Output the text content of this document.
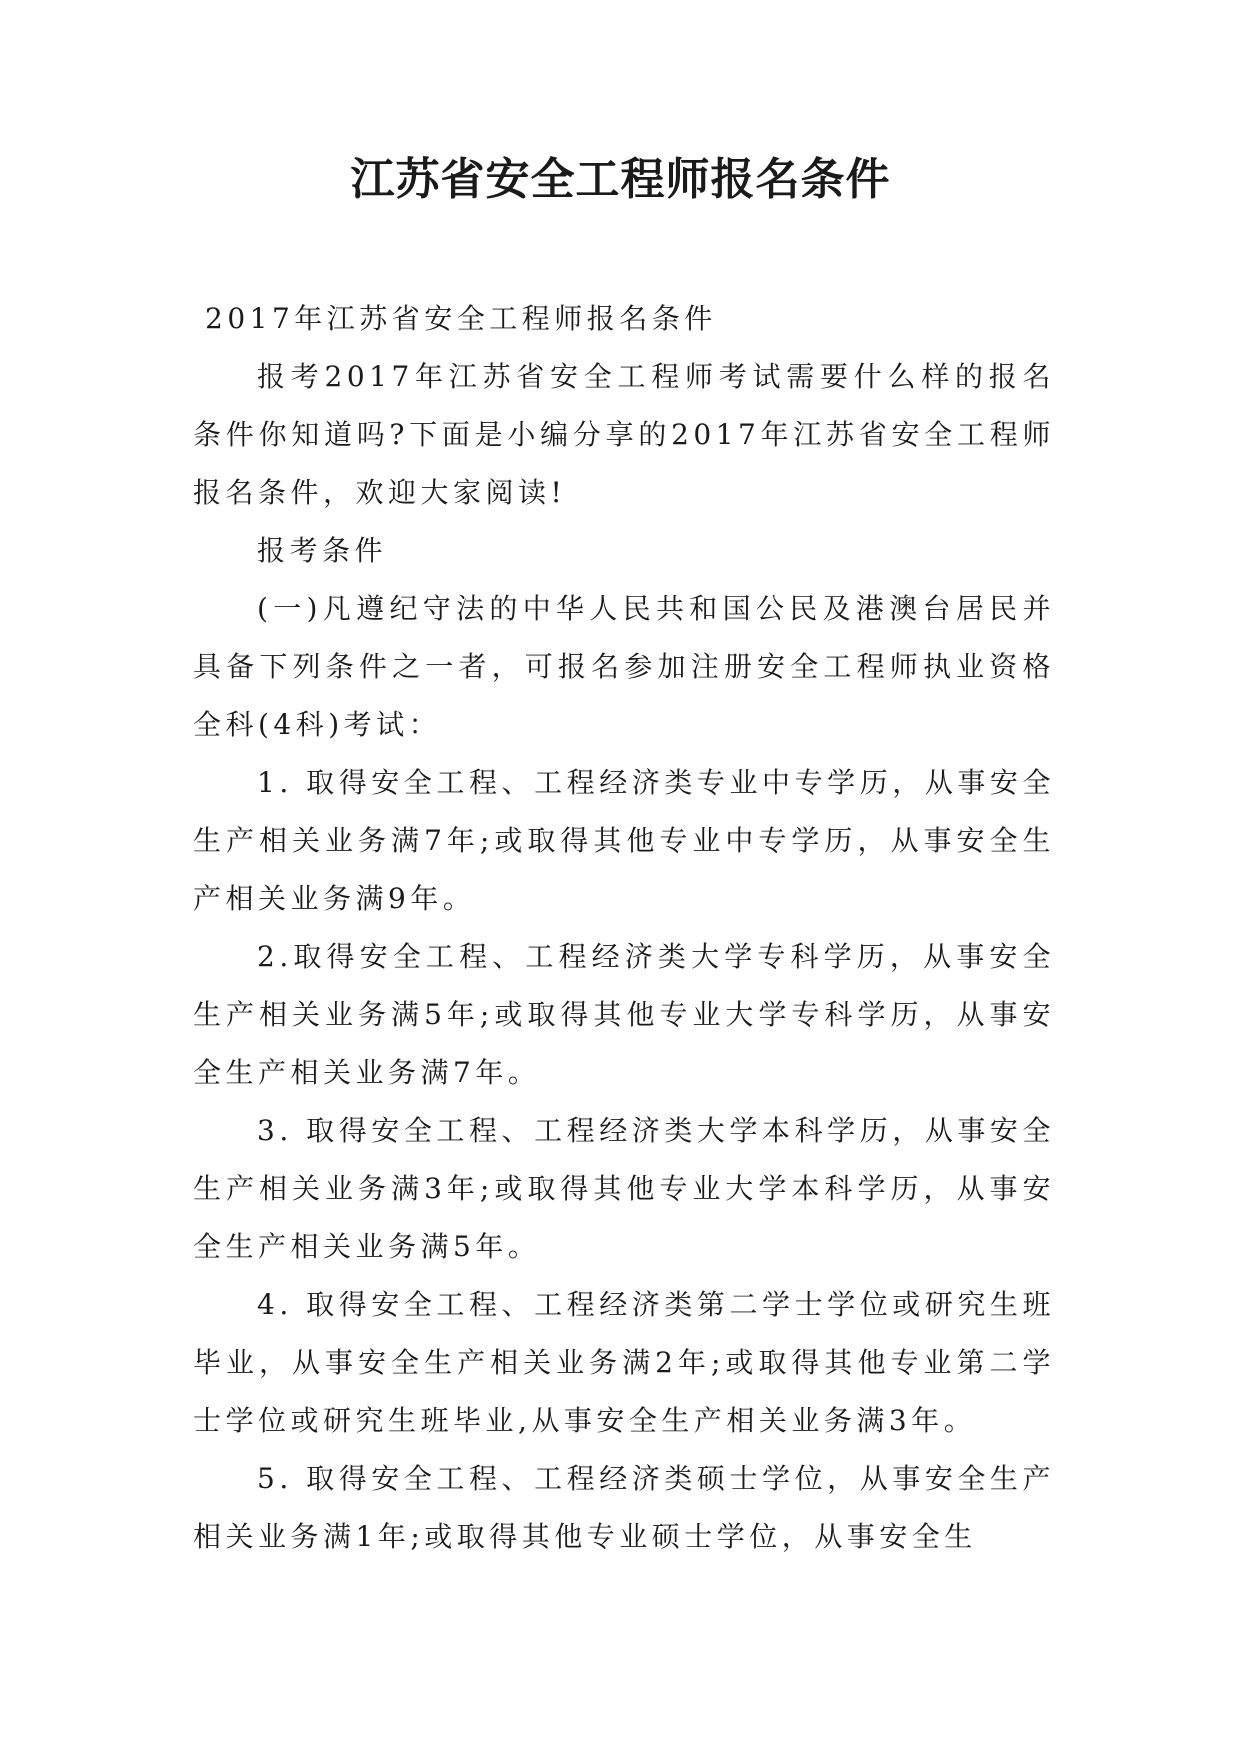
江苏省安全工程师报名条件

2017年江苏省安全工程师报名条件

报考2017年江苏省安全工程师考试需要什么样的报名条件你知道吗?下面是小编分享的2017年江苏省安全工程师报名条件，欢迎大家阅读!

报考条件

(一)凡遵纪守法的中华人民共和国公民及港澳台居民并具备下列条件之一者，可报名参加注册安全工程师执业资格全科(4科)考试：

1. 取得安全工程、工程经济类专业中专学历，从事安全生产相关业务满7年;或取得其他专业中专学历，从事安全生产相关业务满9年。

2.取得安全工程、工程经济类大学专科学历，从事安全生产相关业务满5年;或取得其他专业大学专科学历，从事安全生产相关业务满7年。

3. 取得安全工程、工程经济类大学本科学历，从事安全生产相关业务满3年;或取得其他专业大学本科学历，从事安全生产相关业务满5年。

4. 取得安全工程、工程经济类第二学士学位或研究生班毕业，从事安全生产相关业务满2年;或取得其他专业第二学士学位或研究生班毕业,从事安全生产相关业务满3年。

5. 取得安全工程、工程经济类硕士学位，从事安全生产相关业务满1年;或取得其他专业硕士学位，从事安全生
